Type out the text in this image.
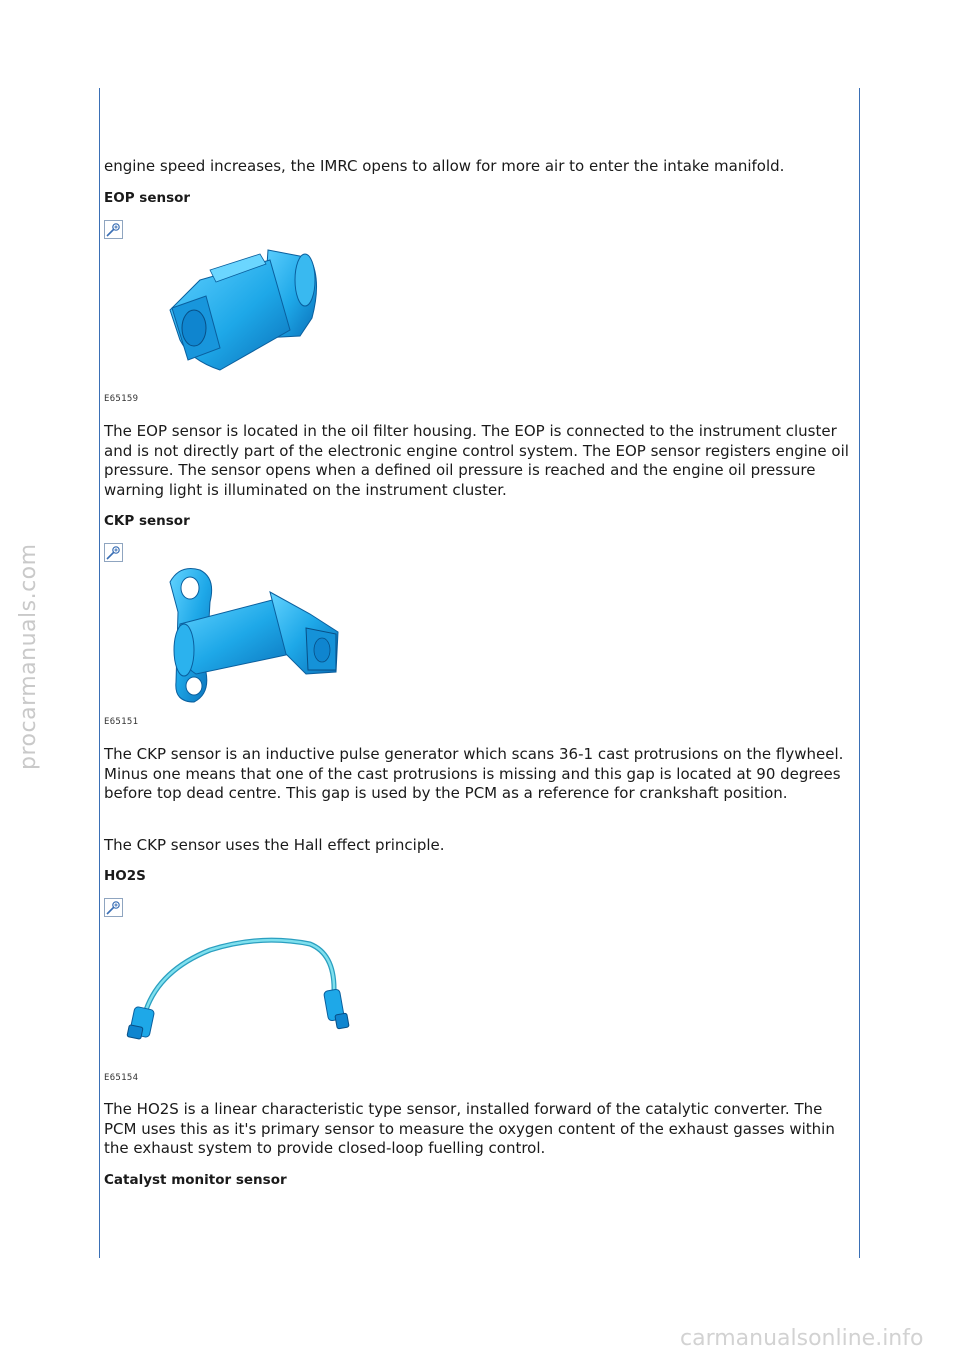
procarmanuals.com

engine speed increases, the IMRC opens to allow for more air to enter the intake manifold.

EOP sensor

E65159

The EOP sensor is located in the oil filter housing. The EOP is connected to the instrument cluster and is not directly part of the electronic engine control system. The EOP sensor registers engine oil pressure. The sensor opens when a defined oil pressure is reached and the engine oil pressure warning light is illuminated on the instrument cluster.

CKP sensor

E65151

The CKP sensor is an inductive pulse generator which scans 36-1 cast protrusions on the flywheel. Minus one means that one of the cast protrusions is missing and this gap is located at 90 degrees before top dead centre. This gap is used by the PCM as a reference for crankshaft position.

The CKP sensor uses the Hall effect principle.

HO2S

E65154

The HO2S is a linear characteristic type sensor, installed forward of the catalytic converter. The PCM uses this as it's primary sensor to measure the oxygen content of the exhaust gasses within the exhaust system to provide closed-loop fuelling control.

Catalyst monitor sensor

carmanualsonline.info
